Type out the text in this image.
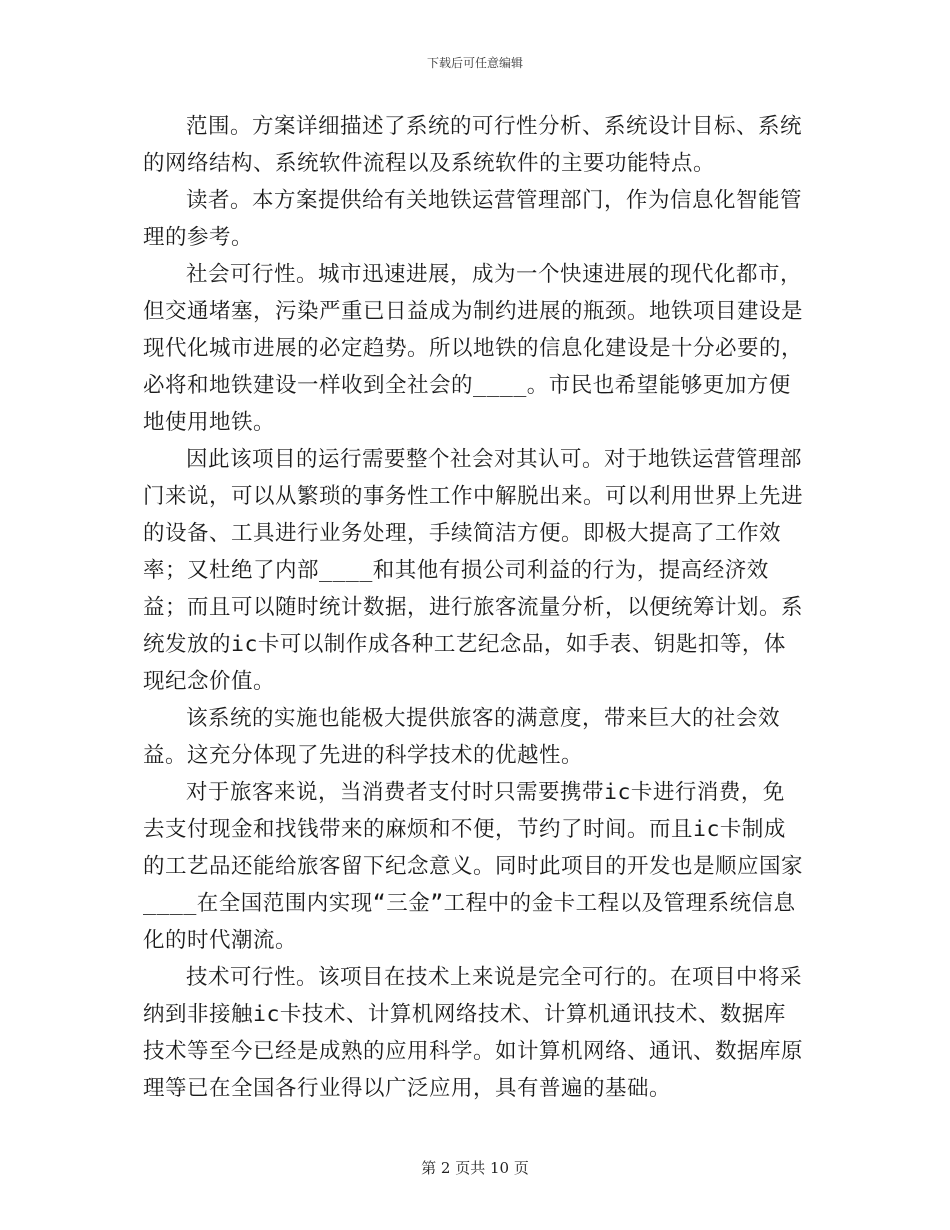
下载后可任意编辑

范围。方案详细描述了系统的可行性分析、系统设计目标、系统的网络结构、系统软件流程以及系统软件的主要功能特点。

读者。本方案提供给有关地铁运营管理部门，作为信息化智能管理的参考。

社会可行性。城市迅速进展，成为一个快速进展的现代化都市，但交通堵塞，污染严重已日益成为制约进展的瓶颈。地铁项目建设是现代化城市进展的必定趋势。所以地铁的信息化建设是十分必要的，必将和地铁建设一样收到全社会的____。市民也希望能够更加方便地使用地铁。

因此该项目的运行需要整个社会对其认可。对于地铁运营管理部门来说，可以从繁琐的事务性工作中解脱出来。可以利用世界上先进的设备、工具进行业务处理，手续简洁方便。即极大提高了工作效率；又杜绝了内部____和其他有损公司利益的行为，提高经济效益；而且可以随时统计数据，进行旅客流量分析，以便统筹计划。系统发放的ic卡可以制作成各种工艺纪念品，如手表、钥匙扣等，体现纪念价值。

该系统的实施也能极大提供旅客的满意度，带来巨大的社会效益。这充分体现了先进的科学技术的优越性。

对于旅客来说，当消费者支付时只需要携带ic卡进行消费，免去支付现金和找钱带来的麻烦和不便，节约了时间。而且ic卡制成的工艺品还能给旅客留下纪念意义。同时此项目的开发也是顺应国家____在全国范围内实现“三金”工程中的金卡工程以及管理系统信息化的时代潮流。

技术可行性。该项目在技术上来说是完全可行的。在项目中将采纳到非接触ic卡技术、计算机网络技术、计算机通讯技术、数据库技术等至今已经是成熟的应用科学。如计算机网络、通讯、数据库原理等已在全国各行业得以广泛应用，具有普遍的基础。

第 2 页共 10 页
